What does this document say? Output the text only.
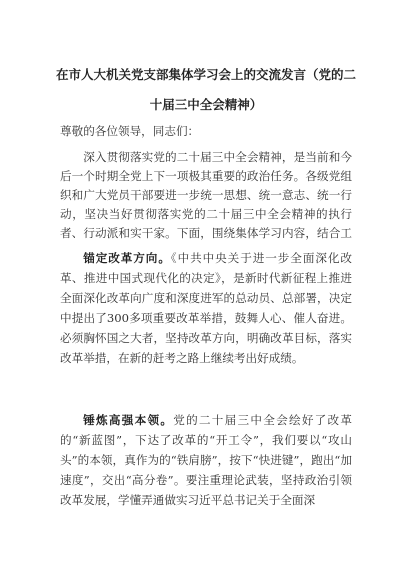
在市人大机关党支部集体学习会上的交流发言（党的二十届三中全会精神）
尊敬的各位领导，同志们：
深入贯彻落实党的二十届三中全会精神，是当前和今后一个时期全党上下一项极其重要的政治任务。各级党组织和广大党员干部要进一步统一思想、统一意志、统一行动，坚决当好贯彻落实党的二十届三中全会精神的执行者、行动派和实干家。下面，围绕集体学习内容，结合工
锚定改革方向。《中共中央关于进一步全面深化改革、推进中国式现代化的决定》，是新时代新征程上推进全面深化改革向广度和深度进军的总动员、总部署，决定中提出了300多项重要改革举措，鼓舞人心、催人奋进。必须胸怀国之大者，坚持改革方向，明确改革目标，落实改革举措，在新的赶考之路上继续考出好成绩。
锤炼高强本领。党的二十届三中全会绘好了改革的“新蓝图”，下达了改革的“开工令”，我们要以“攻山头”的本领，真作为的“铁肩膀”，按下“快进键”，跑出“加速度”，交出“高分卷”。要注重理论武装，坚持政治引领改革发展，学懂弄通做实习近平总书记关于全面深
